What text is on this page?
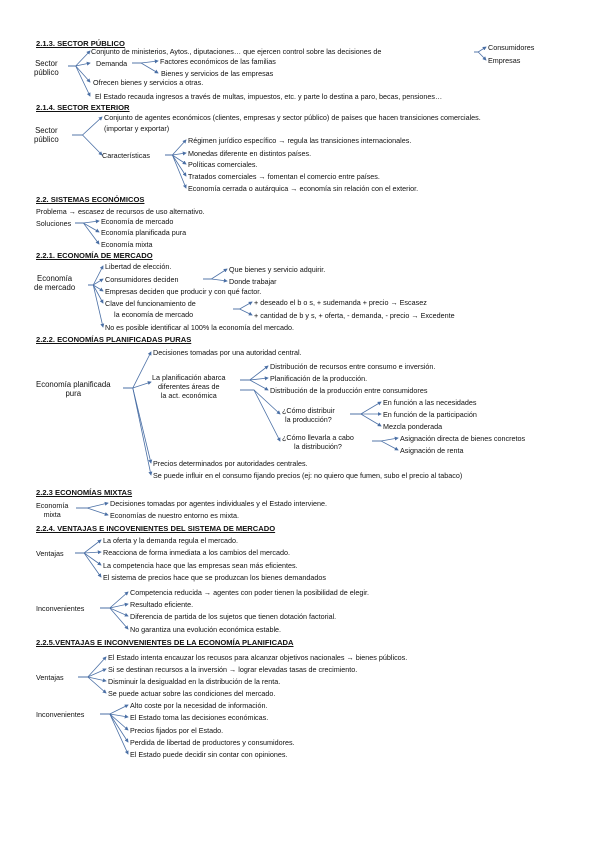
2.1.3. SECTOR PÚBLICO
Sector
público
Conjunto de ministerios, Aytos., diputaciones… que ejercen control sobre las decisiones de	Consumidores
Empresas
Demanda	Factores económicos de las familias
Bienes y servicios de las empresas
Ofrecen bienes y servicios a otras.
El Estado recauda ingresos a través de multas, impuestos, etc. y parte lo destina a paro, becas, pensiones…
2.1.4. SECTOR EXTERIOR
Sector
público
Conjunto de agentes económicos (clientes, empresas y sector público) de países que hacen transiciones comerciales.
(importar y exportar)
Características
Régimen jurídico específico → regula las transiciones internacionales.
Monedas diferente en distintos países.
Políticas comerciales.
Tratados comerciales → fomentan el comercio entre países.
Economía cerrada o autárquica → economía sin relación con el exterior.
2.2. SISTEMAS ECONÓMICOS
Problema → escasez de recursos de uso alternativo.
Soluciones	Economía de mercado
Economía planificada pura
Economía mixta
2.2.1. ECONOMÍA DE MERCADO
Economía
de mercado
Libertad de elección.
Consumidores deciden
Que bienes y servicio adquirir.
Donde trabajar
Empresas deciden que producir y con qué factor.
Clave del funcionamiento de
la economía de mercado
+ deseado el b o s, + sudemanda + precio → Escasez
+ cantidad de b y s, + oferta, - demanda, - precio → Excedente
No es posible identificar al 100% la economía del mercado.
2.2.2. ECONOMÍAS PLANIFICADAS PURAS
Economía planificada
pura
Decisiones tomadas por una autoridad central.
La planificación abarca
diferentes áreas de
la act. económica
Distribución de recursos entre consumo e inversión.
Planificación de la producción.
Distribución de la producción entre consumidores
¿Cómo distribuir
la producción?
En función a las necesidades
En función de la participación
Mezcla ponderada
¿Cómo llevarla a cabo
la distribución?
Asignación directa de bienes concretos
Asignación de renta
Precios determinados por autoridades centrales.
Se puede influir en el consumo fijando precios (ej: no quiero que fumen, subo el precio al tabaco)
2.2.3 ECONOMÍAS MIXTAS
Economía
mixta
Decisiones tomadas por agentes individuales y el Estado interviene.
Economías de nuestro entorno es mixta.
2.2.4. VENTAJAS E INCOVENIENTES DEL SISTEMA DE MERCADO
Ventajas
La oferta y la demanda regula el mercado.
Reacciona de forma inmediata a los cambios del mercado.
La competencia hace que las empresas sean más eficientes.
El sistema de precios hace que se produzcan los bienes demandados
Inconvenientes
Competencia reducida → agentes con poder tienen la posibilidad de elegir.
Resultado eficiente.
Diferencia de partida de los sujetos que tienen dotación factorial.
No garantiza una evolución económica estable.
2.2.5.VENTAJAS E INCONVENIENTES DE LA ECONOMÍA PLANIFICADA
Ventajas
El Estado intenta encauzar los recusos para alcanzar objetivos nacionales → bienes públicos.
Si se destinan recursos a la inversión → lograr elevadas tasas de crecimiento.
Disminuir la desigualdad en la distribución de la renta.
Se puede actuar sobre las condiciones del mercado.
Inconvenientes
Alto coste por la necesidad de información.
El Estado toma las decisiones económicas.
Precios fijados por el Estado.
Perdida de libertad de productores y consumidores.
El Estado puede decidir sin contar con opiniones.
